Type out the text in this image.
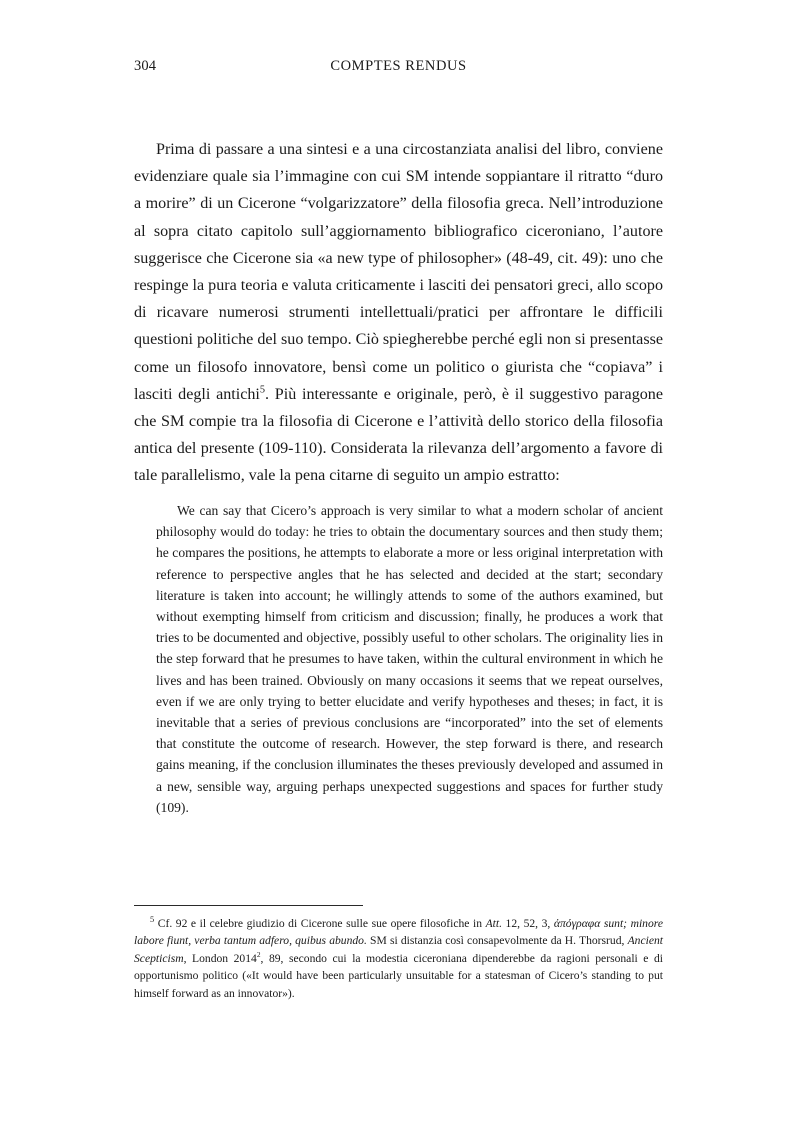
304	COMPTES RENDUS

Prima di passare a una sintesi e a una circostanziata analisi del libro, conviene evidenziare quale sia l’immagine con cui SM intende soppiantare il ritratto “duro a morire” di un Cicerone “volgarizzatore” della filosofia greca. Nell’introduzione al sopra citato capitolo sull’aggiornamento bibliografico ciceroniano, l’autore suggerisce che Cicerone sia «a new type of philosopher» (48-49, cit. 49): uno che respinge la pura teoria e valuta criticamente i lasciti dei pensatori greci, allo scopo di ricavare numerosi strumenti intellettuali/pratici per affrontare le difficili questioni politiche del suo tempo. Ciò spiegherebbe perché egli non si presentasse come un filosofo innovatore, bensì come un politico o giurista che “copiava” i lasciti degli antichi$^5$. Più interessante e originale, però, è il suggestivo paragone che SM compie tra la filosofia di Cicerone e l’attività dello storico della filosofia antica del presente (109-110). Considerata la rilevanza dell’argomento a favore di tale parallelismo, vale la pena citarne di seguito un ampio estratto:

We can say that Cicero’s approach is very similar to what a modern scholar of ancient philosophy would do today: he tries to obtain the documentary sources and then study them; he compares the positions, he attempts to elaborate a more or less original interpretation with reference to perspective angles that he has selected and decided at the start; secondary literature is taken into account; he willingly attends to some of the authors examined, but without exempting himself from criticism and discussion; finally, he produces a work that tries to be documented and objective, possibly useful to other scholars. The originality lies in the step forward that he presumes to have taken, within the cultural environment in which he lives and has been trained. Obviously on many occasions it seems that we repeat ourselves, even if we are only trying to better elucidate and verify hypotheses and theses; in fact, it is inevitable that a series of previous conclusions are “incorporated” into the set of elements that constitute the outcome of research. However, the step forward is there, and research gains meaning, if the conclusion illuminates the theses previously developed and assumed in a new, sensible way, arguing perhaps unexpected suggestions and spaces for further study (109).

$^5$ Cf. 92 e il celebre giudizio di Cicerone sulle sue opere filosofiche in Att. 12, 52, 3, ἀπόγραφα sunt; minore labore fiunt, verba tantum adfero, quibus abundo. SM si distanzia così consapevolmente da H. Thorsrud, Ancient Scepticism, London 2014$^2$, 89, secondo cui la modestia ciceroniana dipenderebbe da ragioni personali e di opportunismo politico («It would have been particularly unsuitable for a statesman of Cicero’s standing to put himself forward as an innovator»).
